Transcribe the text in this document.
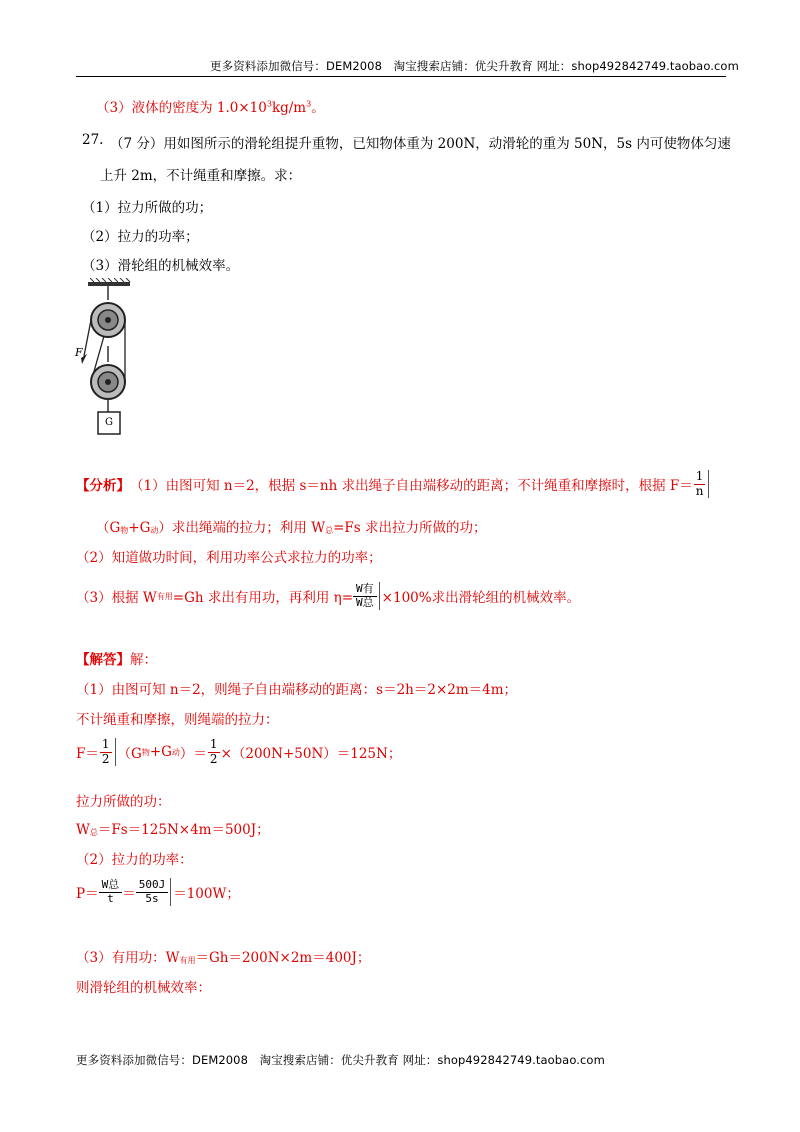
更多资料添加微信号：DEM2008　淘宝搜索店铺：优尖升教育 网址：shop492842749.taobao.com
（3）液体的密度为 $1.0\times 10^3kg/m^3$。
27. （7 分）用如图所示的滑轮组提升重物，已知物体重为 200N，动滑轮的重为 50N，5s 内可使物体匀速
上升 2m，不计绳重和摩擦。求：
（1）拉力所做的功；
（2）拉力的功率；
（3）滑轮组的机械效率。
F
G
【分析】 （1）由图可知 n＝2，根据 s＝nh 求出绳子自由端移动的距离；不计绳重和摩擦时，根据 $F= \frac{1}{n}$
$(G_物+G_动)$求出绳端的拉力；利用 $W_总=Fs$ 求出拉力所做的功；
（2）知道做功时间，利用功率公式求拉力的功率；
（3）根据 W 有用 =Gh 求出有用功，再利用 $\eta= \frac{\text{W有}}{\text{W总}} \times 100\%$求出滑轮组的机械效率。
【解答】解：
（1）由图可知 n＝2，则绳子自由端移动的距离：s＝2h＝2×2m＝4m；
不计绳重和摩擦，则绳端的拉力：
$F= \frac{1}{2} (G$ 物 +G 动 ）＝ $\frac{1}{2} \times(200N+50N)=125N$；
拉力所做的功：
$W_总=Fs=125N\times 4m=500J$；
（2）拉力的功率：
$P= \frac{\text{W总}}{t} = \frac{500J}{5s} =100W$；
（3）有用功：$W_{有用}=Gh=200N\times 2m=400J$；
则滑轮组的机械效率：
更多资料添加微信号：DEM2008　淘宝搜索店铺：优尖升教育 网址：shop492842749.taobao.com
